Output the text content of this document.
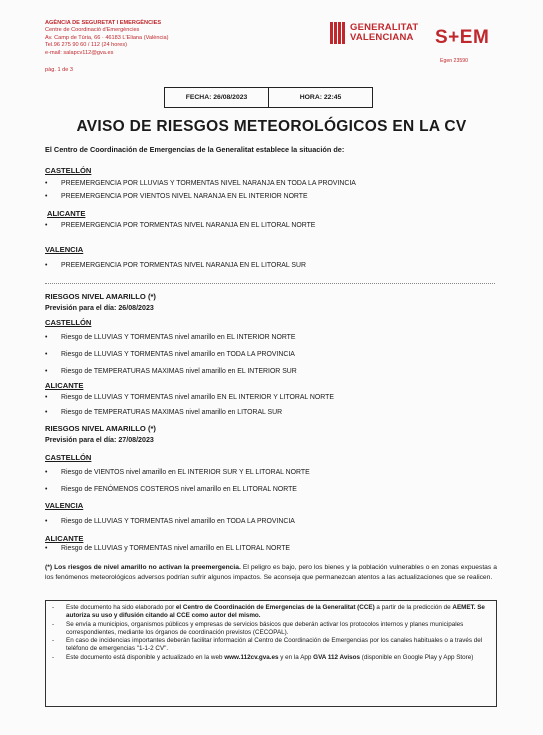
AGÈNCIA DE SEGURETAT I EMERGÈNCIES
Centre de Coordinació d'Emergències
Av. Camp de Túria, 66 · 46183 L'Eliana (València)
Tel.96 275 90 60 / 112 (24 hores)
e-mail: salapcv112@gva.es
pàg. 1 de 3
GENERALITAT
VALENCIANA S+EM
Egen 23590
FECHA: 26/08/2023	HORA: 22:45
AVISO DE RIESGOS METEOROLÓGICOS EN LA CV
El Centro de Coordinación de Emergencias de la Generalitat establece la situación de:
CASTELLÓN
•	PREEMERGENCIA POR LLUVIAS Y TORMENTAS NIVEL NARANJA EN TODA LA PROVINCIA
•	PREEMERGENCIA POR VIENTOS NIVEL NARANJA EN EL INTERIOR NORTE
ALICANTE
•	PREEMERGENCIA POR TORMENTAS NIVEL NARANJA EN EL LITORAL NORTE
VALENCIA
•	PREEMERGENCIA POR TORMENTAS NIVEL NARANJA EN EL LITORAL SUR
RIESGOS NIVEL AMARILLO (*)
Previsión para el día: 26/08/2023
CASTELLÓN
•	Riesgo de LLUVIAS Y TORMENTAS nivel amarillo en EL INTERIOR NORTE
•	Riesgo de LLUVIAS Y TORMENTAS nivel amarillo en TODA LA PROVINCIA
•	Riesgo de TEMPERATURAS MAXIMAS nivel amarillo en EL INTERIOR SUR
ALICANTE
•	Riesgo de LLUVIAS Y TORMENTAS nivel amarillo EN EL INTERIOR Y LITORAL NORTE
•	Riesgo de TEMPERATURAS MAXIMAS nivel amarillo en LITORAL SUR
RIESGOS NIVEL AMARILLO (*)
Previsión para el día: 27/08/2023
CASTELLÓN
•	Riesgo de VIENTOS nivel amarillo en EL INTERIOR SUR Y EL LITORAL NORTE
•	Riesgo de FENÓMENOS COSTEROS nivel amarillo en EL LITORAL NORTE
VALENCIA
•	Riesgo de LLUVIAS Y TORMENTAS nivel amarillo en TODA LA PROVINCIA
ALICANTE
•	Riesgo de LLUVIAS y TORMENTAS nivel amarillo en EL LITORAL NORTE
(*) Los riesgos de nivel amarillo no activan la preemergencia. El peligro es bajo, pero los bienes y la población vulnerables o en zonas expuestas a los fenómenos meteorológicos adversos podrían sufrir algunos impactos. Se aconseja que permanezcan atentos a las actualizaciones que se realicen.
-	Este documento ha sido elaborado por el Centro de Coordinación de Emergencias de la Generalitat (CCE) a partir de la predicción de AEMET. Se autoriza su uso y difusión citando al CCE como autor del mismo.
-	Se envía a municipios, organismos públicos y empresas de servicios básicos que deberán activar los protocolos internos y planes municipales correspondientes, mediante los órganos de coordinación previstos (CECOPAL).
-	En caso de incidencias importantes deberán facilitar información al Centro de Coordinación de Emergencias por los canales habituales o a través del teléfono de emergencias "1-1-2 CV".
-	Este documento está disponible y actualizado en la web www.112cv.gva.es y en la App GVA 112 Avisos (disponible en Google Play y App Store)
